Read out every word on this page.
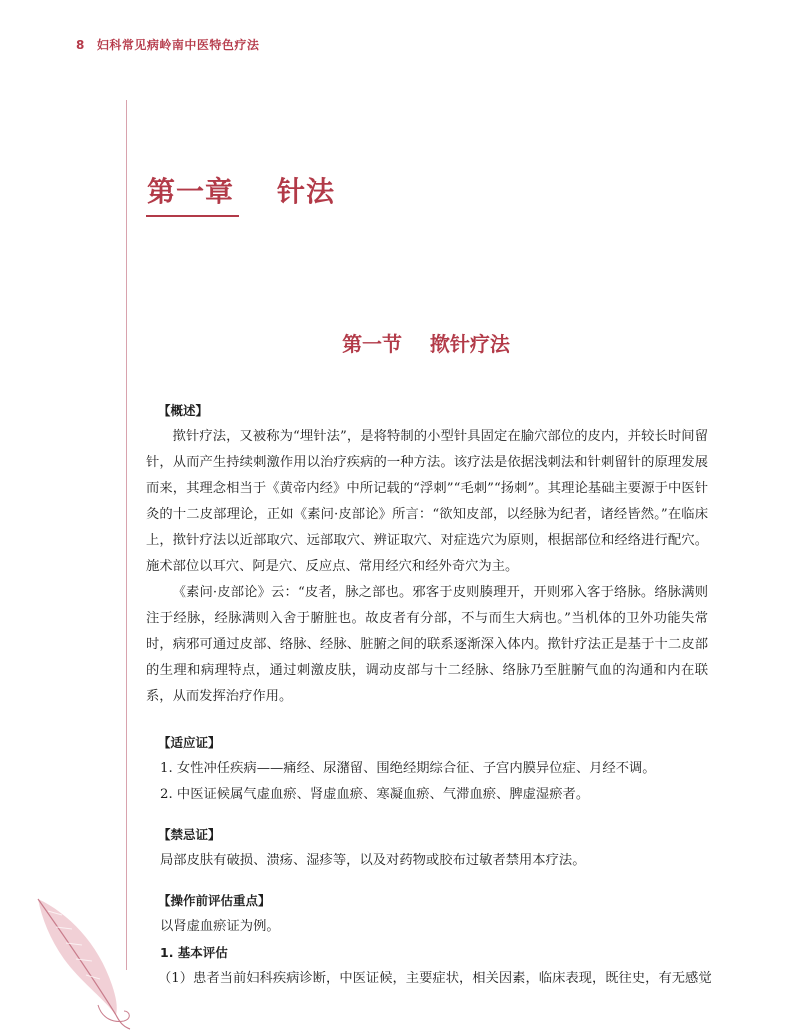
8 妇科常见病岭南中医特色疗法
第一章    针法
第一节    揿针疗法

【概述】

揿针疗法，又被称为“埋针法”，是将特制的小型针具固定在腧穴部位的皮内，并较长时间留针，从而产生持续刺激作用以治疗疾病的一种方法。该疗法是依据浅刺法和针刺留针的原理发展而来，其理念相当于《黄帝内经》中所记载的“浮刺”“毛刺”“扬刺”。其理论基础主要源于中医针灸的十二皮部理论，正如《素问·皮部论》所言：“欲知皮部，以经脉为纪者，诸经皆然。”在临床上，揿针疗法以近部取穴、远部取穴、辨证取穴、对症选穴为原则，根据部位和经络进行配穴。施术部位以耳穴、阿是穴、反应点、常用经穴和经外奇穴为主。

《素问·皮部论》云：“皮者，脉之部也。邪客于皮则腠理开，开则邪入客于络脉。络脉满则注于经脉，经脉满则入舍于腑脏也。故皮者有分部，不与而生大病也。”当机体的卫外功能失常时，病邪可通过皮部、络脉、经脉、脏腑之间的联系逐渐深入体内。揿针疗法正是基于十二皮部的生理和病理特点，通过刺激皮肤，调动皮部与十二经脉、络脉乃至脏腑气血的沟通和内在联系，从而发挥治疗作用。

【适应证】

1. 女性冲任疾病——痛经、尿潴留、围绝经期综合征、子宫内膜异位症、月经不调。

2. 中医证候属气虚血瘀、肾虚血瘀、寒凝血瘀、气滞血瘀、脾虚湿瘀者。

【禁忌证】

局部皮肤有破损、溃疡、湿疹等，以及对药物或胶布过敏者禁用本疗法。

【操作前评估重点】

以肾虚血瘀证为例。

1. 基本评估

（1）患者当前妇科疾病诊断，中医证候，主要症状，相关因素，临床表现，既往史，有无感觉
